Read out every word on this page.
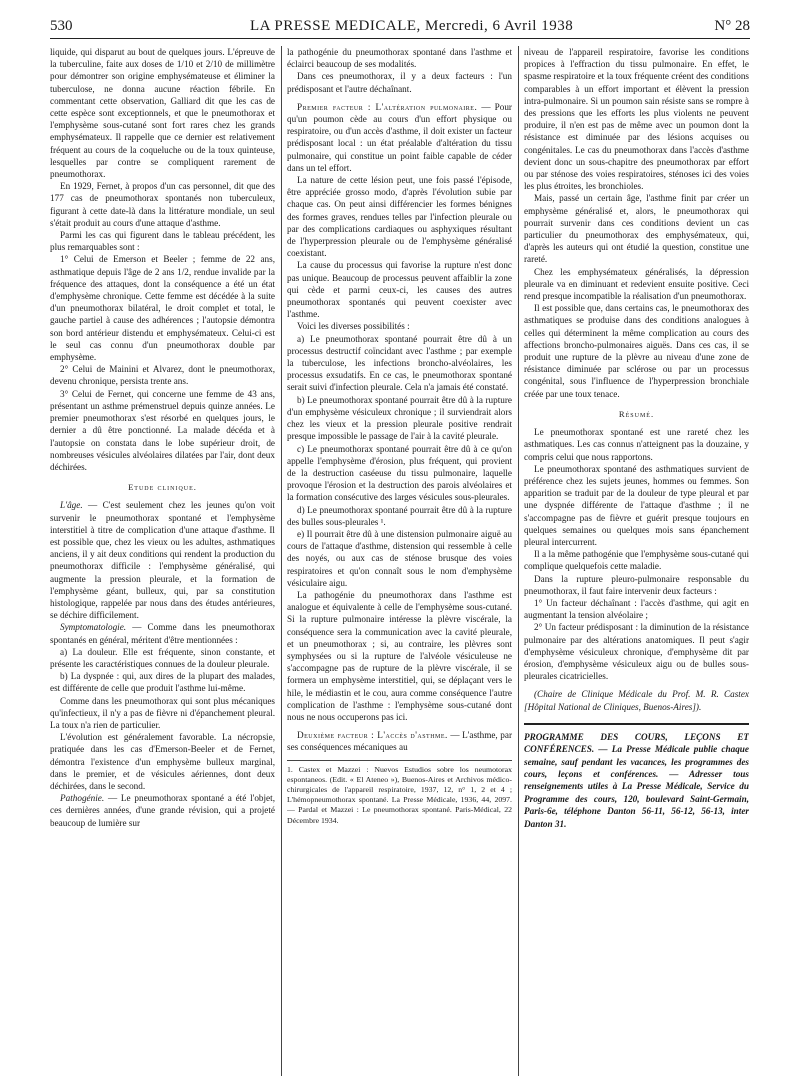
530	LA PRESSE MEDICALE, Mercredi, 6 Avril 1938	N° 28

liquide, qui disparut au bout de quelques jours. L'épreuve de la tuberculine, faite aux doses de 1/10 et 2/10 de millimètre pour démontrer son origine emphysémateuse et éliminer la tuberculose, ne donna aucune réaction fébrile. En commentant cette observation, Galliard dit que les cas de cette espèce sont exceptionnels, et que le pneumothorax et l'emphysème sous-cutané sont fort rares chez les grands emphysémateux. Il rappelle que ce dernier est relativement fréquent au cours de la coqueluche ou de la toux quinteuse, lesquelles par contre se compliquent rarement de pneumothorax.

En 1929, Fernet, à propos d'un cas personnel, dit que des 177 cas de pneumothorax spontanés non tuberculeux, figurant à cette date-là dans la littérature mondiale, un seul s'était produit au cours d'une attaque d'asthme.

Parmi les cas qui figurent dans le tableau précédent, les plus remarquables sont :

1° Celui de Emerson et Beeler ; femme de 22 ans, asthmatique depuis l'âge de 2 ans 1/2, rendue invalide par la fréquence des attaques, dont la conséquence a été un état d'emphysème chronique. Cette femme est décédée à la suite d'un pneumothorax bilatéral, le droit complet et total, le gauche partiel à cause des adhérences ; l'autopsie démontra son bord antérieur distendu et emphysémateux. Celui-ci est le seul cas connu d'un pneumothorax double par emphysème.

2° Celui de Mainini et Alvarez, dont le pneumothorax, devenu chronique, persista trente ans.

3° Celui de Fernet, qui concerne une femme de 43 ans, présentant un asthme prémenstruel depuis quinze années. Le premier pneumothorax s'est résorbé en quelques jours, le dernier a dû être ponctionné. La malade décéda et à l'autopsie on constata dans le lobe supérieur droit, de nombreuses vésicules alvéolaires dilatées par l'air, dont deux déchirées.

Etude clinique.

L'âge. — C'est seulement chez les jeunes qu'on voit survenir le pneumothorax spontané et l'emphysème interstitiel à titre de complication d'une attaque d'asthme. Il est possible que, chez les vieux ou les adultes, asthmatiques anciens, il y ait deux conditions qui rendent la production du pneumothorax difficile : l'emphysème généralisé, qui augmente la pression pleurale, et la formation de l'emphysème géant, bulleux, qui, par sa constitution histologique, rappelée par nous dans des études antérieures, se déchire difficilement.

Symptomatologie. — Comme dans les pneumothorax spontanés en général, méritent d'être mentionnées :

a) La douleur. Elle est fréquente, sinon constante, et présente les caractéristiques connues de la douleur pleurale.

b) La dyspnée : qui, aux dires de la plupart des malades, est différente de celle que produit l'asthme lui-même.

Comme dans les pneumothorax qui sont plus mécaniques qu'infectieux, il n'y a pas de fièvre ni d'épanchement pleural. La toux n'a rien de particulier.

L'évolution est généralement favorable. La nécropsie, pratiquée dans les cas d'Emerson-Beeler et de Fernet, démontra l'existence d'un emphysème bulleux marginal, dans le premier, et de vésicules aériennes, dont deux déchirées, dans le second.

Pathogénie. — Le pneumothorax spontané a été l'objet, ces dernières années, d'une grande révision, qui a projeté beaucoup de lumière sur

la pathogénie du pneumothorax spontané dans l'asthme et éclairci beaucoup de ses modalités.

Dans ces pneumothorax, il y a deux facteurs : l'un prédisposant et l'autre déchaînant.

Premier facteur : L'altération pulmonaire. — Pour qu'un poumon cède au cours d'un effort physique ou respiratoire, ou d'un accès d'asthme, il doit exister un facteur prédisposant local : un état préalable d'altération du tissu pulmonaire, qui constitue un point faible capable de céder dans un tel effort.

La nature de cette lésion peut, une fois passé l'épisode, être appréciée grosso modo, d'après l'évolution subie par chaque cas. On peut ainsi différencier les formes bénignes des formes graves, rendues telles par l'infection pleurale ou par des complications cardiaques ou asphyxiques résultant de l'hyperpression pleurale ou de l'emphysème généralisé coexistant.

La cause du processus qui favorise la rupture n'est donc pas unique. Beaucoup de processus peuvent affaiblir la zone qui cède et parmi ceux-ci, les causes des autres pneumothorax spontanés qui peuvent coexister avec l'asthme.

Voici les diverses possibilités :

a) Le pneumothorax spontané pourrait être dû à un processus destructif coïncidant avec l'asthme ; par exemple la tuberculose, les infections broncho-alvéolaires, les processus exsudatifs. En ce cas, le pneumothorax spontané serait suivi d'infection pleurale. Cela n'a jamais été constaté.

b) Le pneumothorax spontané pourrait être dû à la rupture d'un emphysème vésiculeux chronique ; il surviendrait alors chez les vieux et la pression pleurale positive rendrait presque impossible le passage de l'air à la cavité pleurale.

c) Le pneumothorax spontané pourrait être dû à ce qu'on appelle l'emphysème d'érosion, plus fréquent, qui provient de la destruction caséeuse du tissu pulmonaire, laquelle provoque l'érosion et la destruction des parois alvéolaires et la formation consécutive des larges vésicules sous-pleurales.

d) Le pneumothorax spontané pourrait être dû à la rupture des bulles sous-pleurales ¹.

e) Il pourrait être dû à une distension pulmonaire aiguë au cours de l'attaque d'asthme, distension qui ressemble à celle des noyés, ou aux cas de sténose brusque des voies respiratoires et qu'on connaît sous le nom d'emphysème vésiculaire aigu.

La pathogénie du pneumothorax dans l'asthme est analogue et équivalente à celle de l'emphysème sous-cutané. Si la rupture pulmonaire intéresse la plèvre viscérale, la conséquence sera la communication avec la cavité pleurale, et un pneumothorax ; si, au contraire, les plèvres sont symphysées ou si la rupture de l'alvéole vésiculeuse ne s'accompagne pas de rupture de la plèvre viscérale, il se formera un emphysème interstitiel, qui, se déplaçant vers le hile, le médiastin et le cou, aura comme conséquence l'autre complication de l'asthme : l'emphysème sous-cutané dont nous ne nous occuperons pas ici.

Deuxième facteur : L'accès d'asthme. — L'asthme, par ses conséquences mécaniques au

1. Castex et Mazzei : Nuevos Estudios sobre los neumotorax espontaneos. (Edit. « El Ateneo »), Buenos-Aires et Archivos médico-chirurgicales de l'appareil respiratoire, 1937, 12, n° 1, 2 et 4 ; L'hémopneumothorax spontané. La Presse Médicale, 1936, 44, 2097. — Pardal et Mazzei : Le pneumothorax spontané. Paris-Médical, 22 Décembre 1934.

niveau de l'appareil respiratoire, favorise les conditions propices à l'effraction du tissu pulmonaire. En effet, le spasme respiratoire et la toux fréquente créent des conditions comparables à un effort important et élèvent la pression intra-pulmonaire. Si un poumon sain résiste sans se rompre à des pressions que les efforts les plus violents ne peuvent produire, il n'en est pas de même avec un poumon dont la résistance est diminuée par des lésions acquises ou congénitales. Le cas du pneumothorax dans l'accès d'asthme devient donc un sous-chapitre des pneumothorax par effort ou par sténose des voies respiratoires, sténoses ici des voies les plus étroites, les bronchioles.

Mais, passé un certain âge, l'asthme finit par créer un emphysème généralisé et, alors, le pneumothorax qui pourrait survenir dans ces conditions devient un cas particulier du pneumothorax des emphysémateux, qui, d'après les auteurs qui ont étudié la question, constitue une rareté.

Chez les emphysémateux généralisés, la dépression pleurale va en diminuant et redevient ensuite positive. Ceci rend presque incompatible la réalisation d'un pneumothorax.

Il est possible que, dans certains cas, le pneumothorax des asthmatiques se produise dans des conditions analogues à celles qui déterminent la même complication au cours des affections broncho-pulmonaires aiguës. Dans ces cas, il se produit une rupture de la plèvre au niveau d'une zone de résistance diminuée par sclérose ou par un processus congénital, sous l'influence de l'hyperpression bronchiale créée par une toux tenace.

Résumé.

Le pneumothorax spontané est une rareté chez les asthmatiques. Les cas connus n'atteignent pas la douzaine, y compris celui que nous rapportons.

Le pneumothorax spontané des asthmatiques survient de préférence chez les sujets jeunes, hommes ou femmes. Son apparition se traduit par de la douleur de type pleural et par une dyspnée différente de l'attaque d'asthme ; il ne s'accompagne pas de fièvre et guérit presque toujours en quelques semaines ou quelques mois sans épanchement pleural intercurrent.

Il a la même pathogénie que l'emphysème sous-cutané qui complique quelquefois cette maladie.

Dans la rupture pleuro-pulmonaire responsable du pneumothorax, il faut faire intervenir deux facteurs :

1° Un facteur déchaînant : l'accès d'asthme, qui agit en augmentant la tension alvéolaire ;

2° Un facteur prédisposant : la diminution de la résistance pulmonaire par des altérations anatomiques. Il peut s'agir d'emphysème vésiculeux chronique, d'emphysème dit par érosion, d'emphysème vésiculeux aigu ou de bulles sous-pleurales cicatricielles.

(Chaire de Clinique Médicale du Prof. M. R. Castex [Hôpital National de Cliniques, Buenos-Aires]).

PROGRAMME DES COURS, LEÇONS ET CONFÉRENCES. — La Presse Médicale publie chaque semaine, sauf pendant les vacances, les programmes des cours, leçons et conférences. — Adresser tous renseignements utiles à La Presse Médicale, Service du Programme des cours, 120, boulevard Saint-Germain, Paris-6e, téléphone Danton 56-11, 56-12, 56-13, inter Danton 31.
